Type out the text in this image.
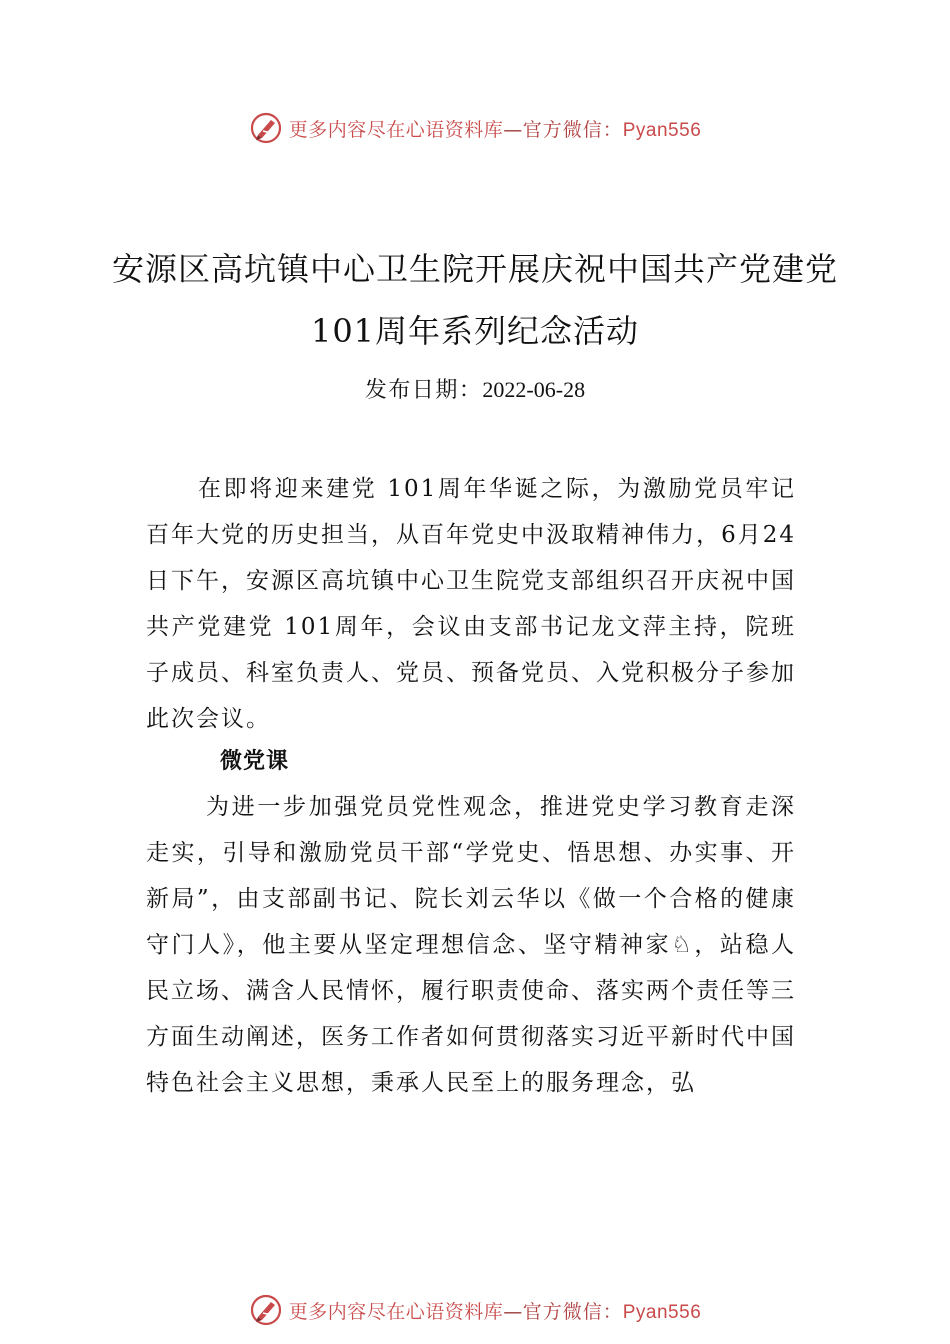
更多内容尽在心语资料库—官方微信：Pyan556
安源区高坑镇中心卫生院开展庆祝中国共产党建党 101周年系列纪念活动
发布日期：2022-06-28
在即将迎来建党 101周年华诞之际，为激励党员牢记百年大党的历史担当，从百年党史中汲取精神伟力，6月24日下午，安源区高坑镇中心卫生院党支部组织召开庆祝中国共产党建党 101周年，会议由支部书记龙文萍主持，院班子成员、科室负责人、党员、预备党员、入党积极分子参加此次会议。
微党课
为进一步加强党员党性观念，推进党史学习教育走深走实，引导和激励党员干部“学党史、悟思想、办实事、开新局”，由支部副书记、院长刘云华以《做一个合格的健康守门人》，他主要从坚定理想信念、坚守精神家♘，站稳人民立场、满含人民情怀，履行职责使命、落实两个责任等三方面生动阐述，医务工作者如何贯彻落实习近平新时代中国特色社会主义思想，秉承人民至上的服务理念，弘
更多内容尽在心语资料库—官方微信：Pyan556
